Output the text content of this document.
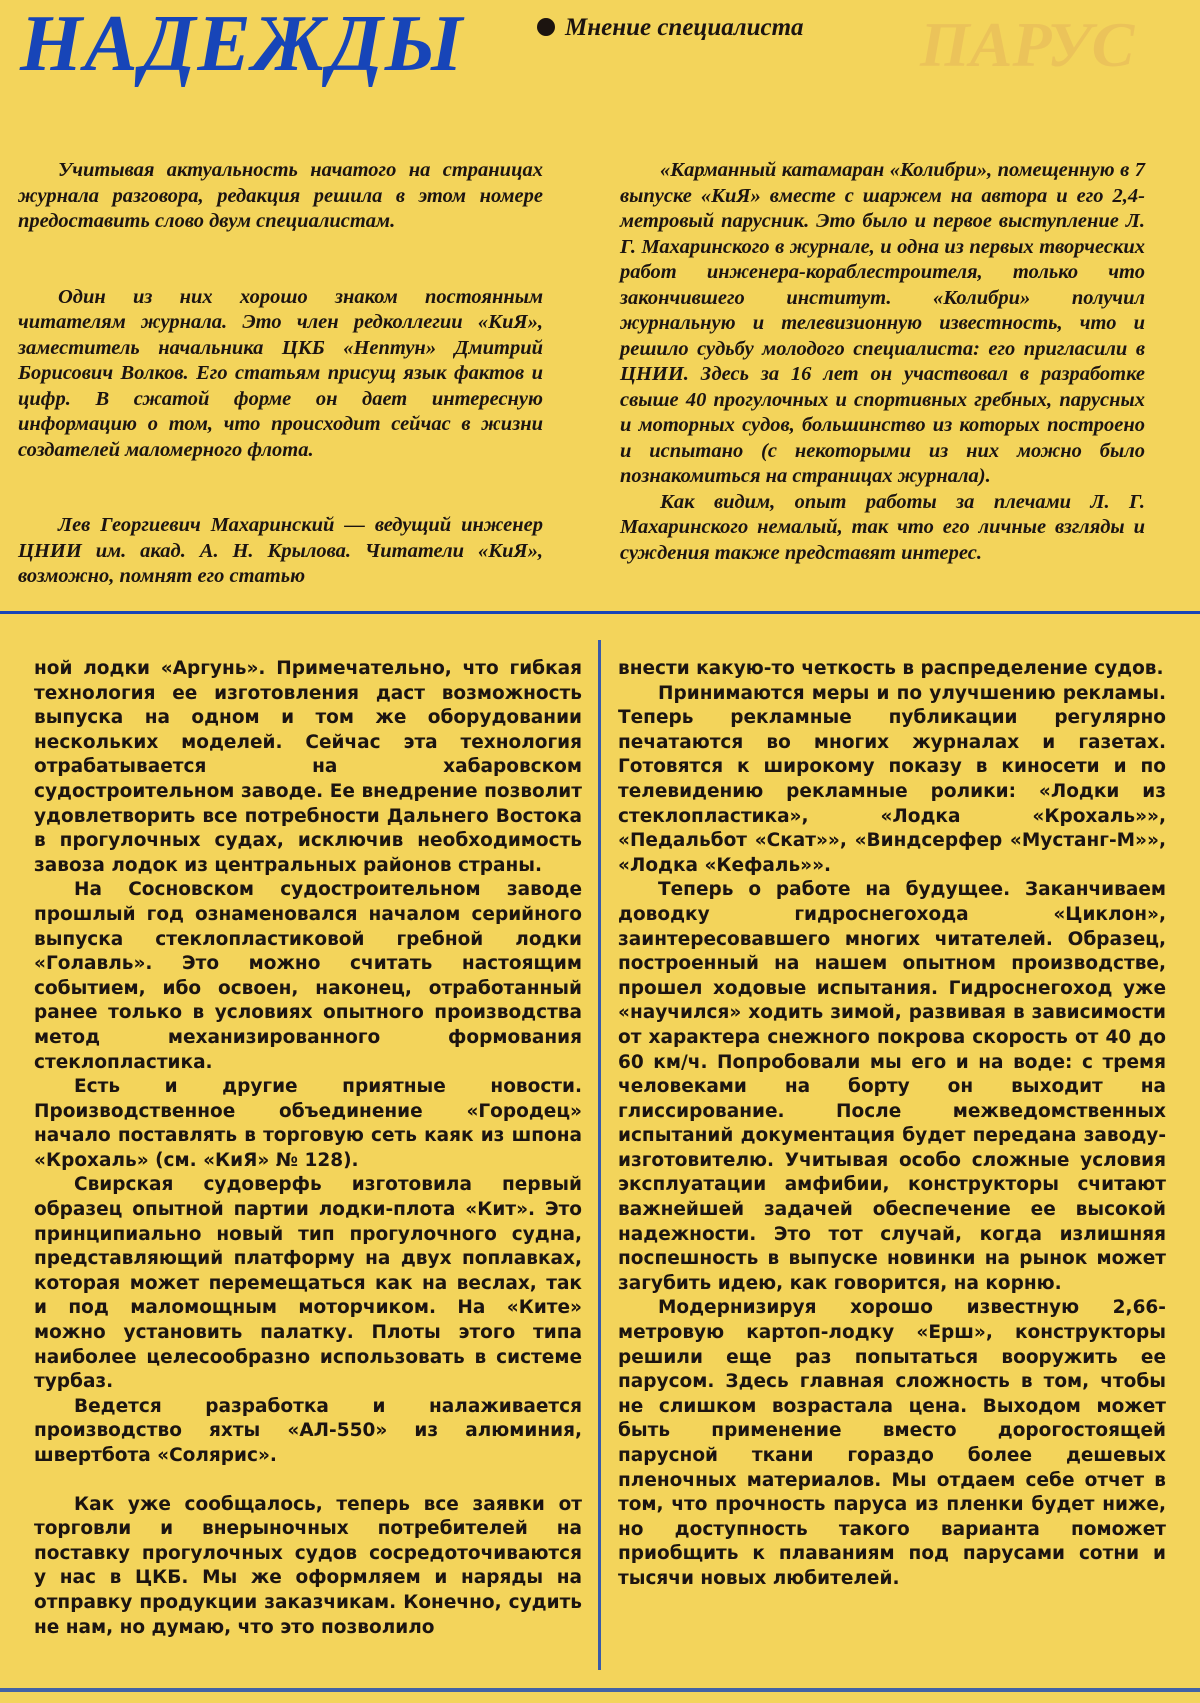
ПАРУС
НАДЕЖДЫ	Мнение специалиста

Учитывая актуальность начатого на страницах журнала разговора, редакция решила в этом номере предоставить слово двум специалистам.

Один из них хорошо знаком постоянным читателям журнала. Это член редколлегии «КиЯ», заместитель начальника ЦКБ «Нептун» Дмитрий Борисович Волков. Его статьям присущ язык фактов и цифр. В сжатой форме он дает интересную информацию о том, что происходит сейчас в жизни создателей маломерного флота.

Лев Георгиевич Махаринский — ведущий инженер ЦНИИ им. акад. А. Н. Крылова. Читатели «КиЯ», возможно, помнят его статью

«Карманный катамаран «Колибри», помещенную в 7 выпуске «КиЯ» вместе с шаржем на автора и его 2,4-метровый парусник. Это было и первое выступление Л. Г. Махаринского в журнале, и одна из первых творческих работ инженера-кораблестроителя, только что закончившего институт. «Колибри» получил журнальную и телевизионную известность, что и решило судьбу молодого специалиста: его пригласили в ЦНИИ. Здесь за 16 лет он участвовал в разработке свыше 40 прогулочных и спортивных гребных, парусных и моторных судов, большинство из которых построено и испытано (с некоторыми из них можно было познакомиться на страницах журнала).

Как видим, опыт работы за плечами Л. Г. Махаринского немалый, так что его личные взгляды и суждения также представят интерес.

ной лодки «Аргунь». Примечательно, что гибкая технология ее изготовления даст возможность выпуска на одном и том же оборудовании нескольких моделей. Сейчас эта технология отрабатывается на хабаровском судостроительном заводе. Ее внедрение позволит удовлетворить все потребности Дальнего Востока в прогулочных судах, исключив необходимость завоза лодок из центральных районов страны.

На Сосновском судостроительном заводе прошлый год ознаменовался началом серийного выпуска стеклопластиковой гребной лодки «Голавль». Это можно считать настоящим событием, ибо освоен, наконец, отработанный ранее только в условиях опытного производства метод механизированного формования стеклопластика.

Есть и другие приятные новости. Производственное объединение «Городец» начало поставлять в торговую сеть каяк из шпона «Крохаль» (см. «КиЯ» № 128).

Свирская судоверфь изготовила первый образец опытной партии лодки-плота «Кит». Это принципиально новый тип прогулочного судна, представляющий платформу на двух поплавках, которая может перемещаться как на веслах, так и под маломощным моторчиком. На «Ките» можно установить палатку. Плоты этого типа наиболее целесообразно использовать в системе турбаз.

Ведется разработка и налаживается производство яхты «АЛ-550» из алюминия, швертбота «Солярис».

Как уже сообщалось, теперь все заявки от торговли и внерыночных потребителей на поставку прогулочных судов сосредоточиваются у нас в ЦКБ. Мы же оформляем и наряды на отправку продукции заказчикам. Конечно, судить не нам, но думаю, что это позволило

внести какую-то четкость в распределение судов.

Принимаются меры и по улучшению рекламы. Теперь рекламные публикации регулярно печатаются во многих журналах и газетах. Готовятся к широкому показу в киносети и по телевидению рекламные ролики: «Лодки из стеклопластика», «Лодка «Крохаль»», «Педальбот «Скат»», «Виндсерфер «Мустанг-М»», «Лодка «Кефаль»».

Теперь о работе на будущее. Заканчиваем доводку гидроснегохода «Циклон», заинтересовавшего многих читателей. Образец, построенный на нашем опытном производстве, прошел ходовые испытания. Гидроснегоход уже «научился» ходить зимой, развивая в зависимости от характера снежного покрова скорость от 40 до 60 км/ч. Попробовали мы его и на воде: с тремя человеками на борту он выходит на глиссирование. После межведомственных испытаний документация будет передана заводу-изготовителю. Учитывая особо сложные условия эксплуатации амфибии, конструкторы считают важнейшей задачей обеспечение ее высокой надежности. Это тот случай, когда излишняя поспешность в выпуске новинки на рынок может загубить идею, как говорится, на корню.

Модернизируя хорошо известную 2,66-метровую картоп-лодку «Ерш», конструкторы решили еще раз попытаться вооружить ее парусом. Здесь главная сложность в том, чтобы не слишком возрастала цена. Выходом может быть применение вместо дорогостоящей парусной ткани гораздо более дешевых пленочных материалов. Мы отдаем себе отчет в том, что прочность паруса из пленки будет ниже, но доступность такого варианта поможет приобщить к плаваниям под парусами сотни и тысячи новых любителей.
